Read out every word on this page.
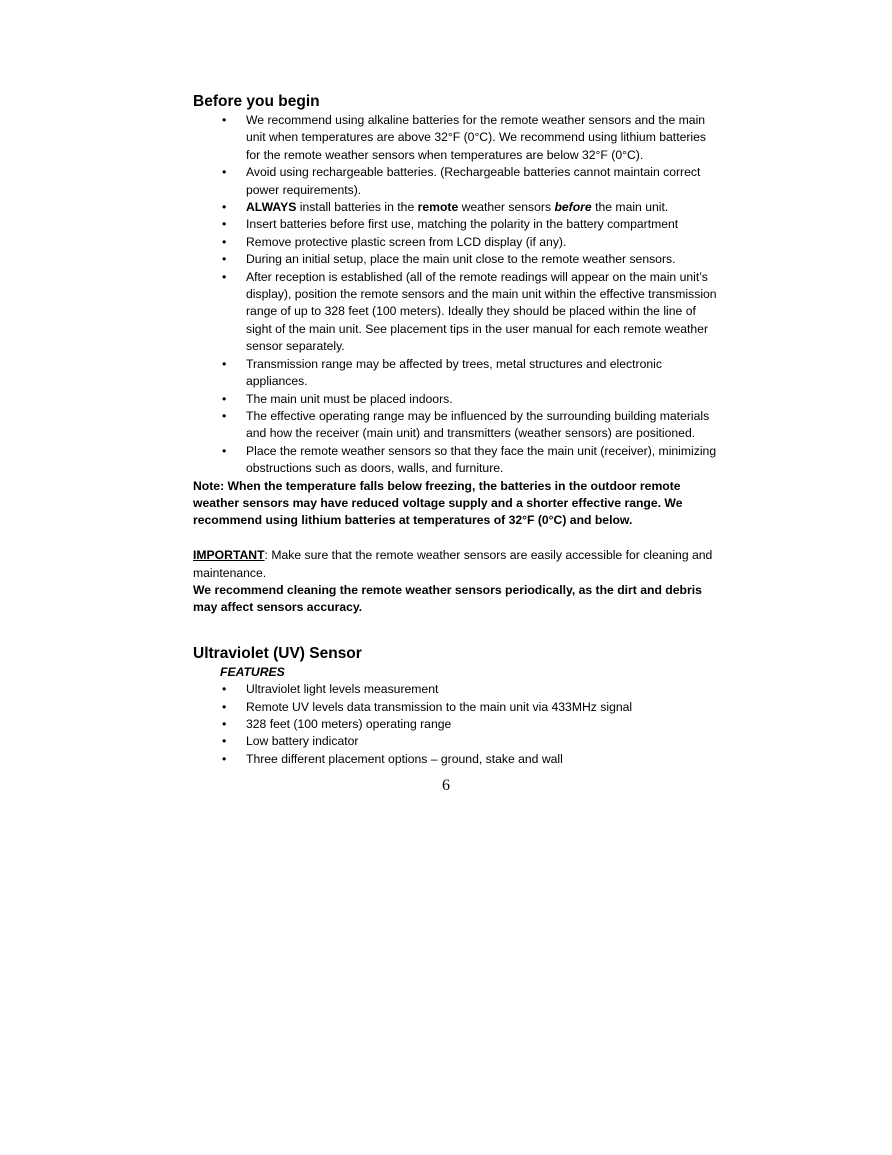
Before you begin
• We recommend using alkaline batteries for the remote weather sensors and the main unit when temperatures are above 32°F (0°C). We recommend using lithium batteries for the remote weather sensors when temperatures are below 32°F (0°C).
• Avoid using rechargeable batteries. (Rechargeable batteries cannot maintain correct power requirements).
• ALWAYS install batteries in the remote weather sensors before the main unit.
• Insert batteries before first use, matching the polarity in the battery compartment
• Remove protective plastic screen from LCD display (if any).
• During an initial setup, place the main unit close to the remote weather sensors.
• After reception is established (all of the remote readings will appear on the main unit’s display), position the remote sensors and the main unit within the effective transmission range of up to 328 feet (100 meters). Ideally they should be placed within the line of sight of the main unit. See placement tips in the user manual for each remote weather sensor separately.
• Transmission range may be affected by trees, metal structures and electronic appliances.
• The main unit must be placed indoors.
• The effective operating range may be influenced by the surrounding building materials and how the receiver (main unit) and transmitters (weather sensors) are positioned.
• Place the remote weather sensors so that they face the main unit (receiver), minimizing obstructions such as doors, walls, and furniture.

Note: When the temperature falls below freezing, the batteries in the outdoor remote weather sensors may have reduced voltage supply and a shorter effective range. We recommend using lithium batteries at temperatures of 32°F (0°C) and below.

IMPORTANT: Make sure that the remote weather sensors are easily accessible for cleaning and maintenance.

We recommend cleaning the remote weather sensors periodically, as the dirt and debris may affect sensors accuracy.

Ultraviolet (UV) Sensor
FEATURES
• Ultraviolet light levels measurement
• Remote UV levels data transmission to the main unit via 433MHz signal
• 328 feet (100 meters) operating range
• Low battery indicator
• Three different placement options – ground, stake and wall
6
